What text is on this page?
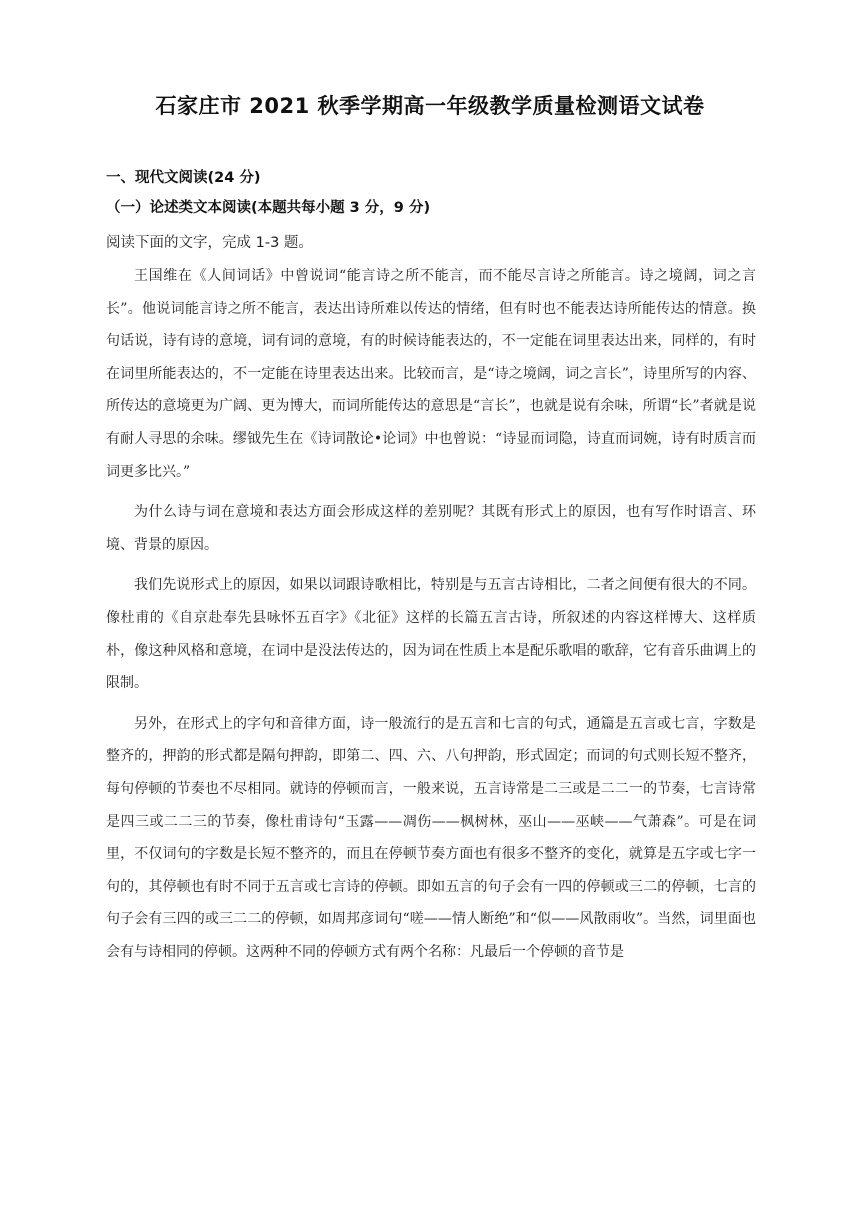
石家庄市 2021 秋季学期高一年级教学质量检测语文试卷
一、现代文阅读(24 分)
（一）论述类文本阅读(本题共每小题 3 分，9 分)
阅读下面的文字，完成 1-3 题。

王国维在《人间词话》中曾说词“能言诗之所不能言，而不能尽言诗之所能言。诗之境阔，词之言长”。他说词能言诗之所不能言，表达出诗所难以传达的情绪，但有时也不能表达诗所能传达的情意。换句话说，诗有诗的意境，词有词的意境，有的时候诗能表达的，不一定能在词里表达出来，同样的，有时在词里所能表达的，不一定能在诗里表达出来。比较而言，是“诗之境阔，词之言长”，诗里所写的内容、所传达的意境更为广阔、更为博大，而词所能传达的意思是“言长”，也就是说有余味，所谓“长”者就是说有耐人寻思的余味。缪钺先生在《诗词散论•论词》中也曾说：“诗显而词隐，诗直而词婉，诗有时质言而词更多比兴。”

为什么诗与词在意境和表达方面会形成这样的差别呢？其既有形式上的原因，也有写作时语言、环境、背景的原因。

我们先说形式上的原因，如果以词跟诗歌相比，特别是与五言古诗相比，二者之间便有很大的不同。像杜甫的《自京赴奉先县咏怀五百字》《北征》这样的长篇五言古诗，所叙述的内容这样博大、这样质朴，像这种风格和意境，在词中是没法传达的，因为词在性质上本是配乐歌唱的歌辞，它有音乐曲调上的限制。

另外，在形式上的字句和音律方面，诗一般流行的是五言和七言的句式，通篇是五言或七言，字数是整齐的，押韵的形式都是隔句押韵，即第二、四、六、八句押韵，形式固定；而词的句式则长短不整齐，每句停顿的节奏也不尽相同。就诗的停顿而言，一般来说，五言诗常是二三或是二二一的节奏，七言诗常是四三或二二三的节奏，像杜甫诗句“玉露——凋伤——枫树林，巫山——巫峡——气萧森”。可是在词里，不仅词句的字数是长短不整齐的，而且在停顿节奏方面也有很多不整齐的变化，就算是五字或七字一句的，其停顿也有时不同于五言或七言诗的停顿。即如五言的句子会有一四的停顿或三二的停顿，七言的句子会有三四的或三二二的停顿，如周邦彦词句“嗟——情人断绝”和“似——风散雨收”。当然，词里面也会有与诗相同的停顿。这两种不同的停顿方式有两个名称：凡最后一个停顿的音节是
